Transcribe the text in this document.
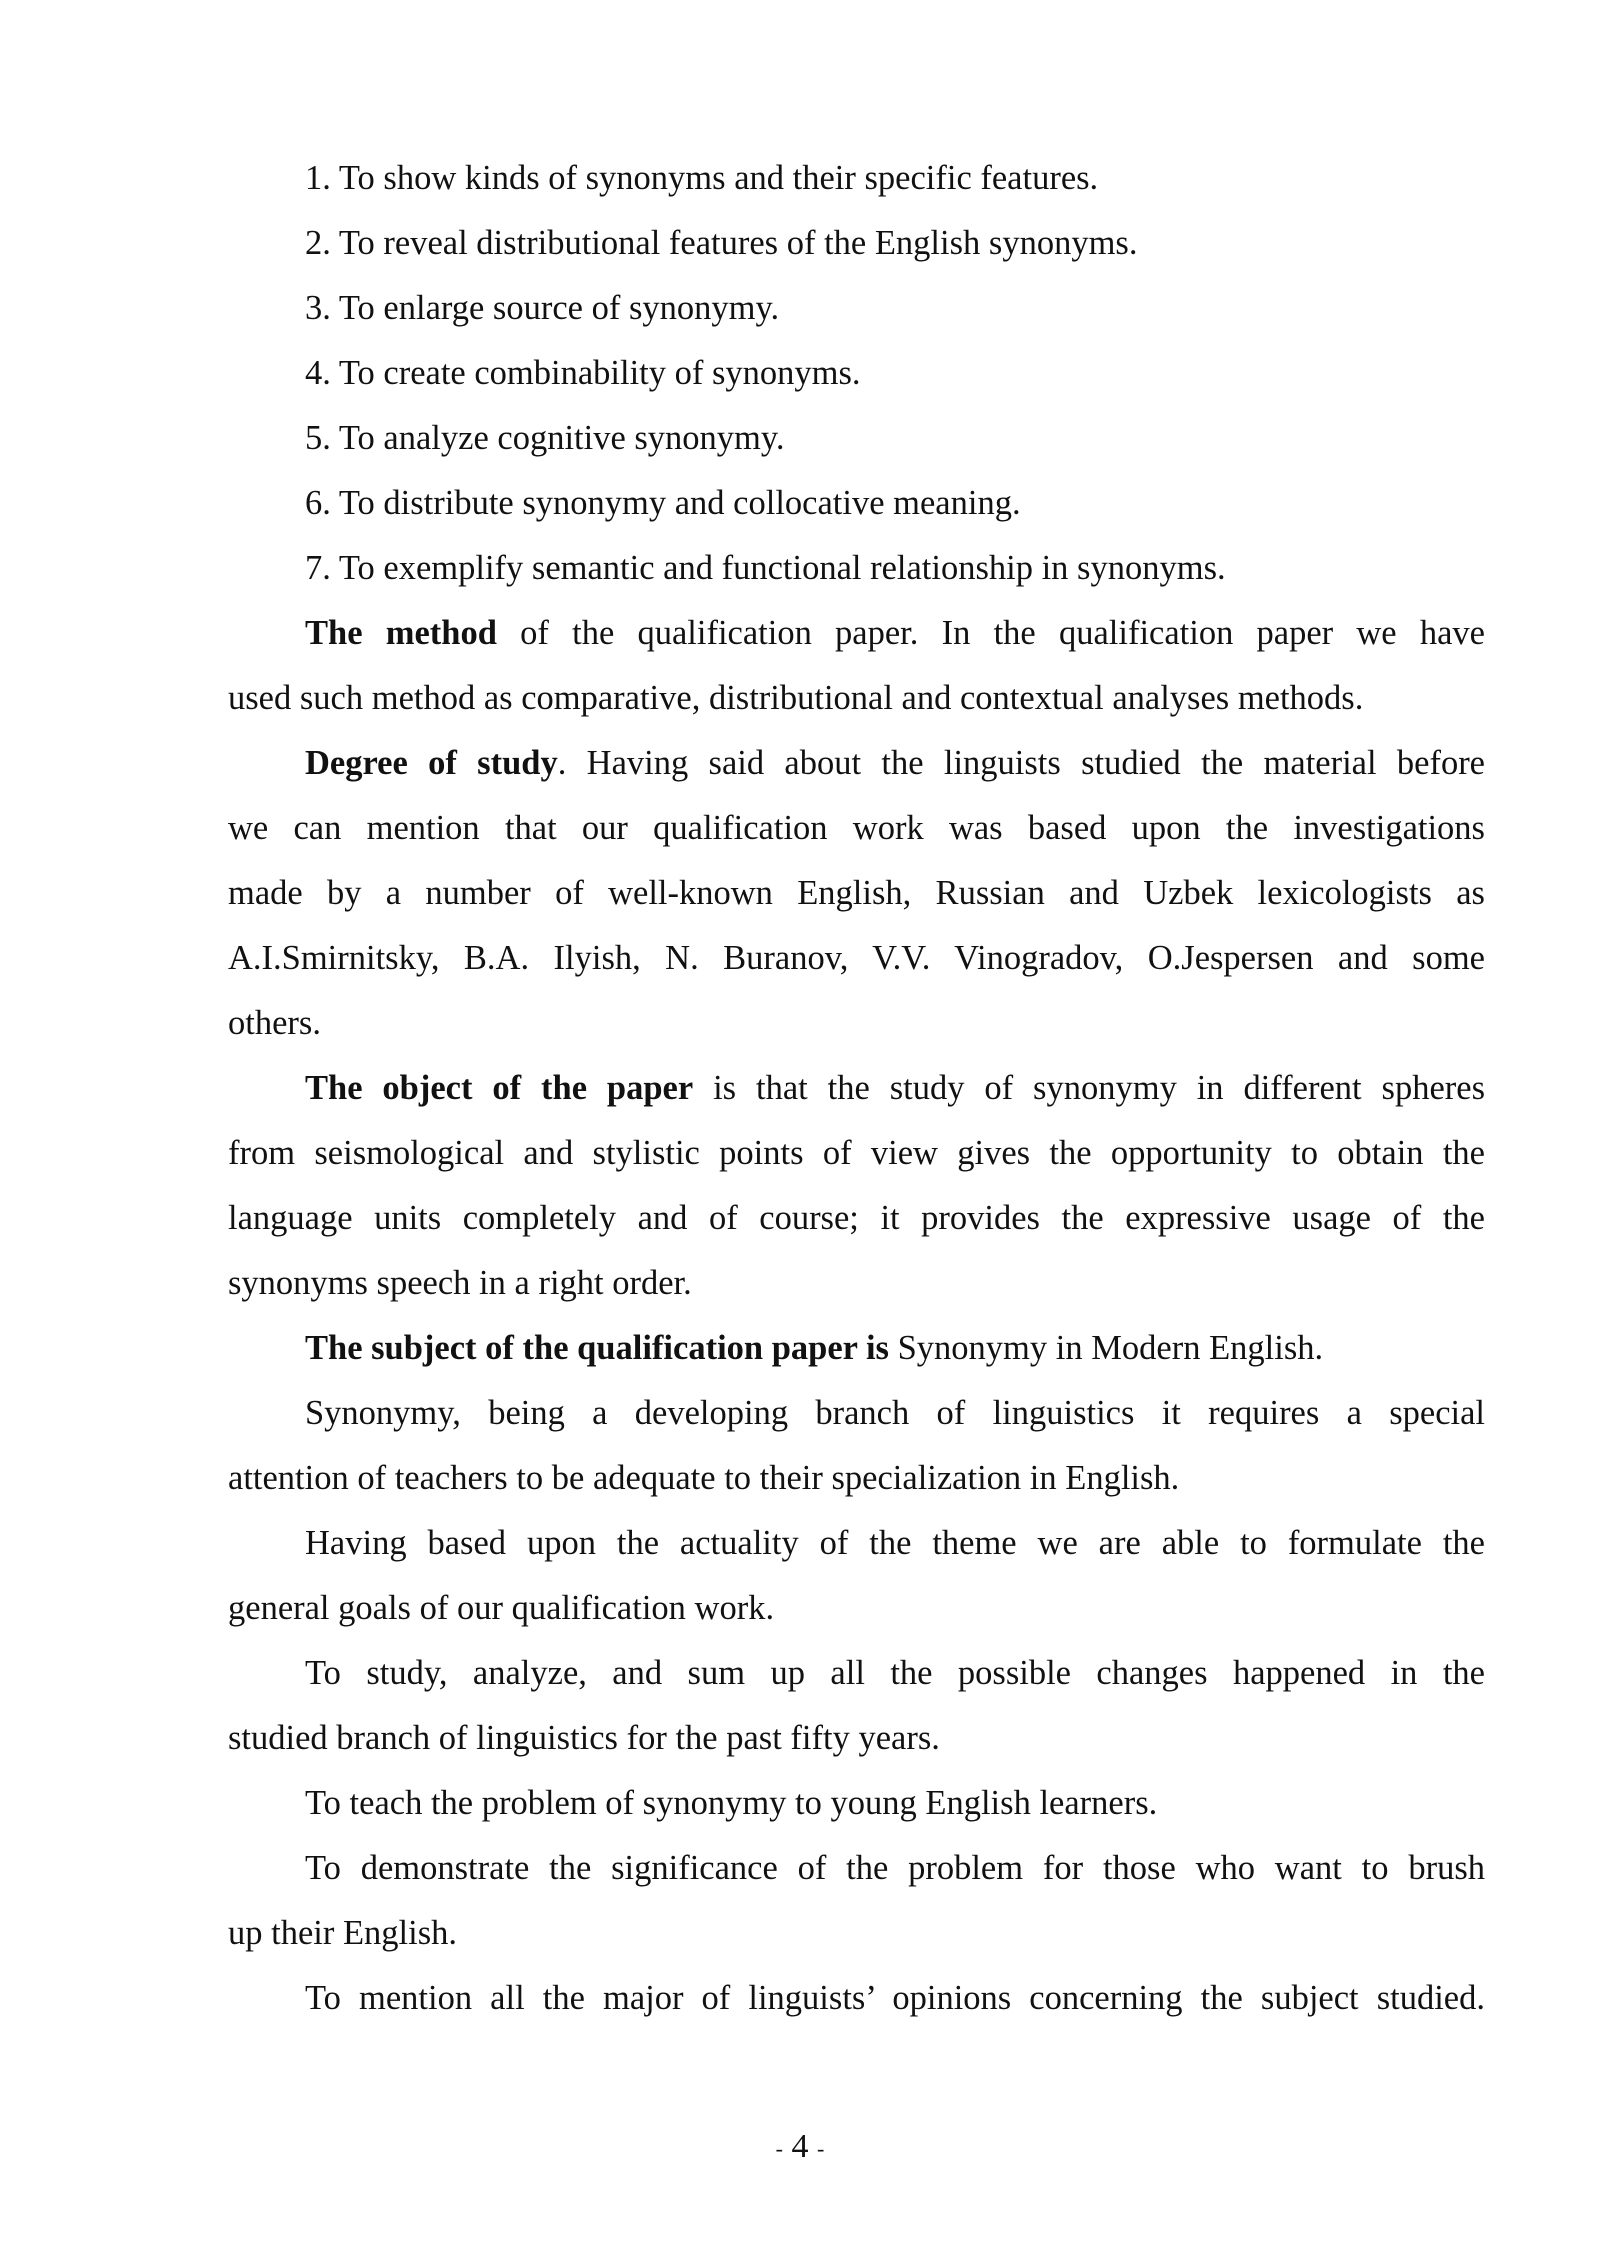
1. To show kinds of synonyms and their specific features.
2. To reveal distributional features of the English synonyms.
3. To enlarge source of synonymy.
4. To create combinability of synonyms.
5. To analyze cognitive synonymy.
6. To distribute synonymy and collocative meaning.
7. To exemplify semantic and functional relationship in synonyms.
The method of the qualification paper. In the qualification paper we have
used such method as comparative, distributional and contextual analyses methods.
Degree of study. Having said about the linguists studied the material before
we can mention that our qualification work was based upon the investigations
made by a number of well-known English, Russian and Uzbek lexicologists as
A.I.Smirnitsky, B.A. Ilyish, N. Buranov, V.V. Vinogradov, O.Jespersen and some
others.
The object of the paper is that the study of synonymy in different spheres
from seismological and stylistic points of view gives the opportunity to obtain the
language units completely and of course; it provides the expressive usage of the
synonyms speech in a right order.
The subject of the qualification paper is Synonymy in Modern English.
Synonymy, being a developing branch of linguistics it requires a special
attention of teachers to be adequate to their specialization in English.
Having based upon the actuality of the theme we are able to formulate the
general goals of our qualification work.
To study, analyze, and sum up all the possible changes happened in the
studied branch of linguistics for the past fifty years.
To teach the problem of synonymy to young English learners.
To demonstrate the significance of the problem for those who want to brush
up their English.
To mention all the major of linguists’ opinions concerning the subject studied.
- 4 -
